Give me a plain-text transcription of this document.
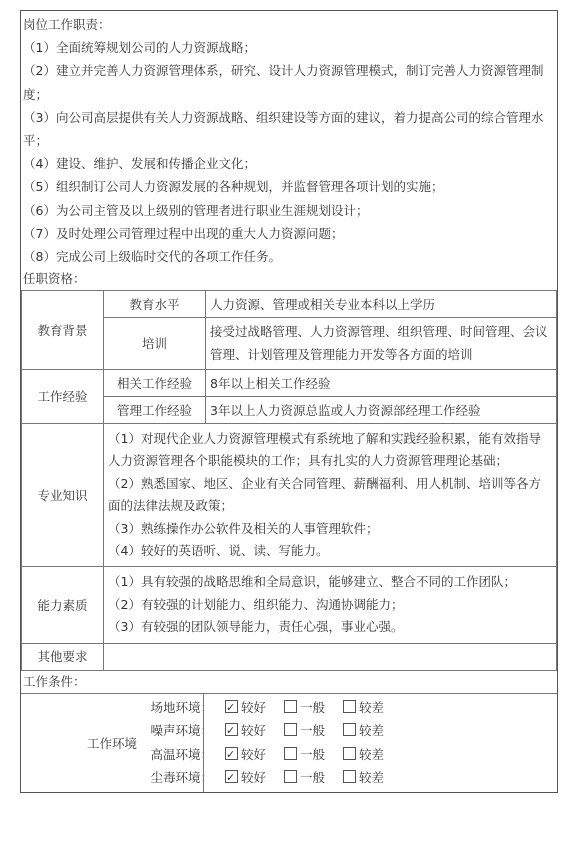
岗位工作职责：
（1）全面统筹规划公司的人力资源战略；
（2）建立并完善人力资源管理体系，研究、设计人力资源管理模式，制订完善人力资源管理制度；
（3）向公司高层提供有关人力资源战略、组织建设等方面的建议，着力提高公司的综合管理水平；
（4）建设、维护、发展和传播企业文化；
（5）组织制订公司人力资源发展的各种规划，并监督管理各项计划的实施；
（6）为公司主管及以上级别的管理者进行职业生涯规划设计；
（7）及时处理公司管理过程中出现的重大人力资源问题；
（8）完成公司上级临时交代的各项工作任务。
任职资格：
教育背景	教育水平	人力资源、管理或相关专业本科以上学历
	培训	接受过战略管理、人力资源管理、组织管理、时间管理、会议管理、计划管理及管理能力开发等各方面的培训
工作经验	相关工作经验	8年以上相关工作经验
	管理工作经验	3年以上人力资源总监或人力资源部经理工作经验
专业知识	（1）对现代企业人力资源管理模式有系统地了解和实践经验积累，能有效指导人力资源管理各个职能模块的工作；具有扎实的人力资源管理理论基础；
（2）熟悉国家、地区、企业有关合同管理、薪酬福利、用人机制、培训等各方面的法律法规及政策；
（3）熟练操作办公软件及相关的人事管理软件；
（4）较好的英语听、说、读、写能力。	

能力素质	（1）具有较强的战略思维和全局意识，能够建立、整合不同的工作团队；
（2）有较强的计划能力、组织能力、沟通协调能力；
（3）有较强的团队领导能力，责任心强，事业心强。	

其他要求		
工作条件：
工作环境
场地环境： ✓ 较好	一般	较差
噪声环境： ✓ 较好	一般	较差
高温环境： ✓ 较好	一般	较差
尘毒环境： ✓ 较好	一般	较差
